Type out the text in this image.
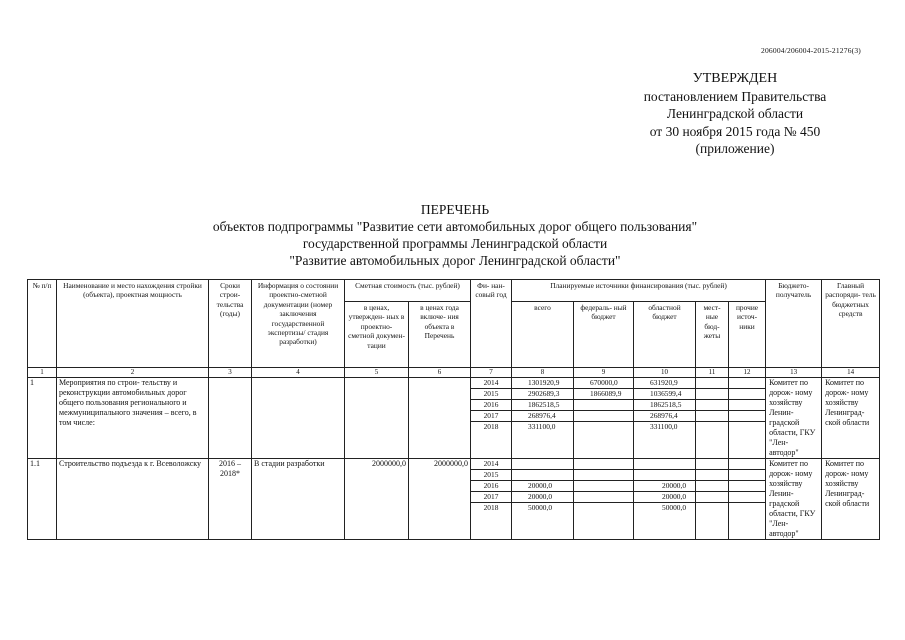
206004/206004-2015-21276(3)
УТВЕРЖДЕН
постановлением Правительства
Ленинградской области
от 30 ноября 2015 года № 450
(приложение)
ПЕРЕЧЕНЬ
объектов подпрограммы "Развитие сети автомобильных дорог общего пользования"
государственной программы Ленинградской области
"Развитие автомобильных дорог Ленинградской области"
№ п/п	Наименование и место нахождения стройки (объекта), проектная мощность	Сроки строи- тельства (годы)	Информация о состоянии проектно-сметной документации (номер заключения государственной экспертизы/ стадия разработки)	Сметная стоимость (тыс. рублей)		Фи- нан- совый год	Планируемые источники финансирования (тыс. рублей)					Бюджето- получатель	Главный распоряди- тель бюджетных средств
				в ценах, утвержден- ных в проектно- сметной докумен- тации	в ценах года включе- ния объекта в Перечень		всего	федераль- ный бюджет	областной бюджет	мест- ные бюд- жеты	прочие источ- ники		
1	2	3	4	5	6	7	8	9	10	11	12	13	14
1	Мероприятия по строи- тельству и реконструкции автомобильных дорог общего пользования регионального и межмуниципального значения – всего, в том числе:					2014	1301920,9	670000,0	631920,9			Комитет по дорож- ному хозяйству Ленин- градской области, ГКУ "Лен- автодор"	Комитет по дорож- ному хозяйству Ленинград- ской области
						2015	2902689,3	1866089,9	1036599,4				
						2016	1862518,5		1862518,5				
						2017	268976,4		268976,4				
						2018	331100,0		331100,0				

1.1	Строительство подъезда к г. Всеволожску	2016 – 2018*	В стадии разработки	2000000,0	2000000,0	2014						Комитет по дорож- ному хозяйству Ленин- градской области, ГКУ "Лен- автодор"	Комитет по дорож- ному хозяйству Ленинград- ской области
						2015							
						2016	20000,0		20000,0				
						2017	20000,0		20000,0				
						2018	50000,0		50000,0				
